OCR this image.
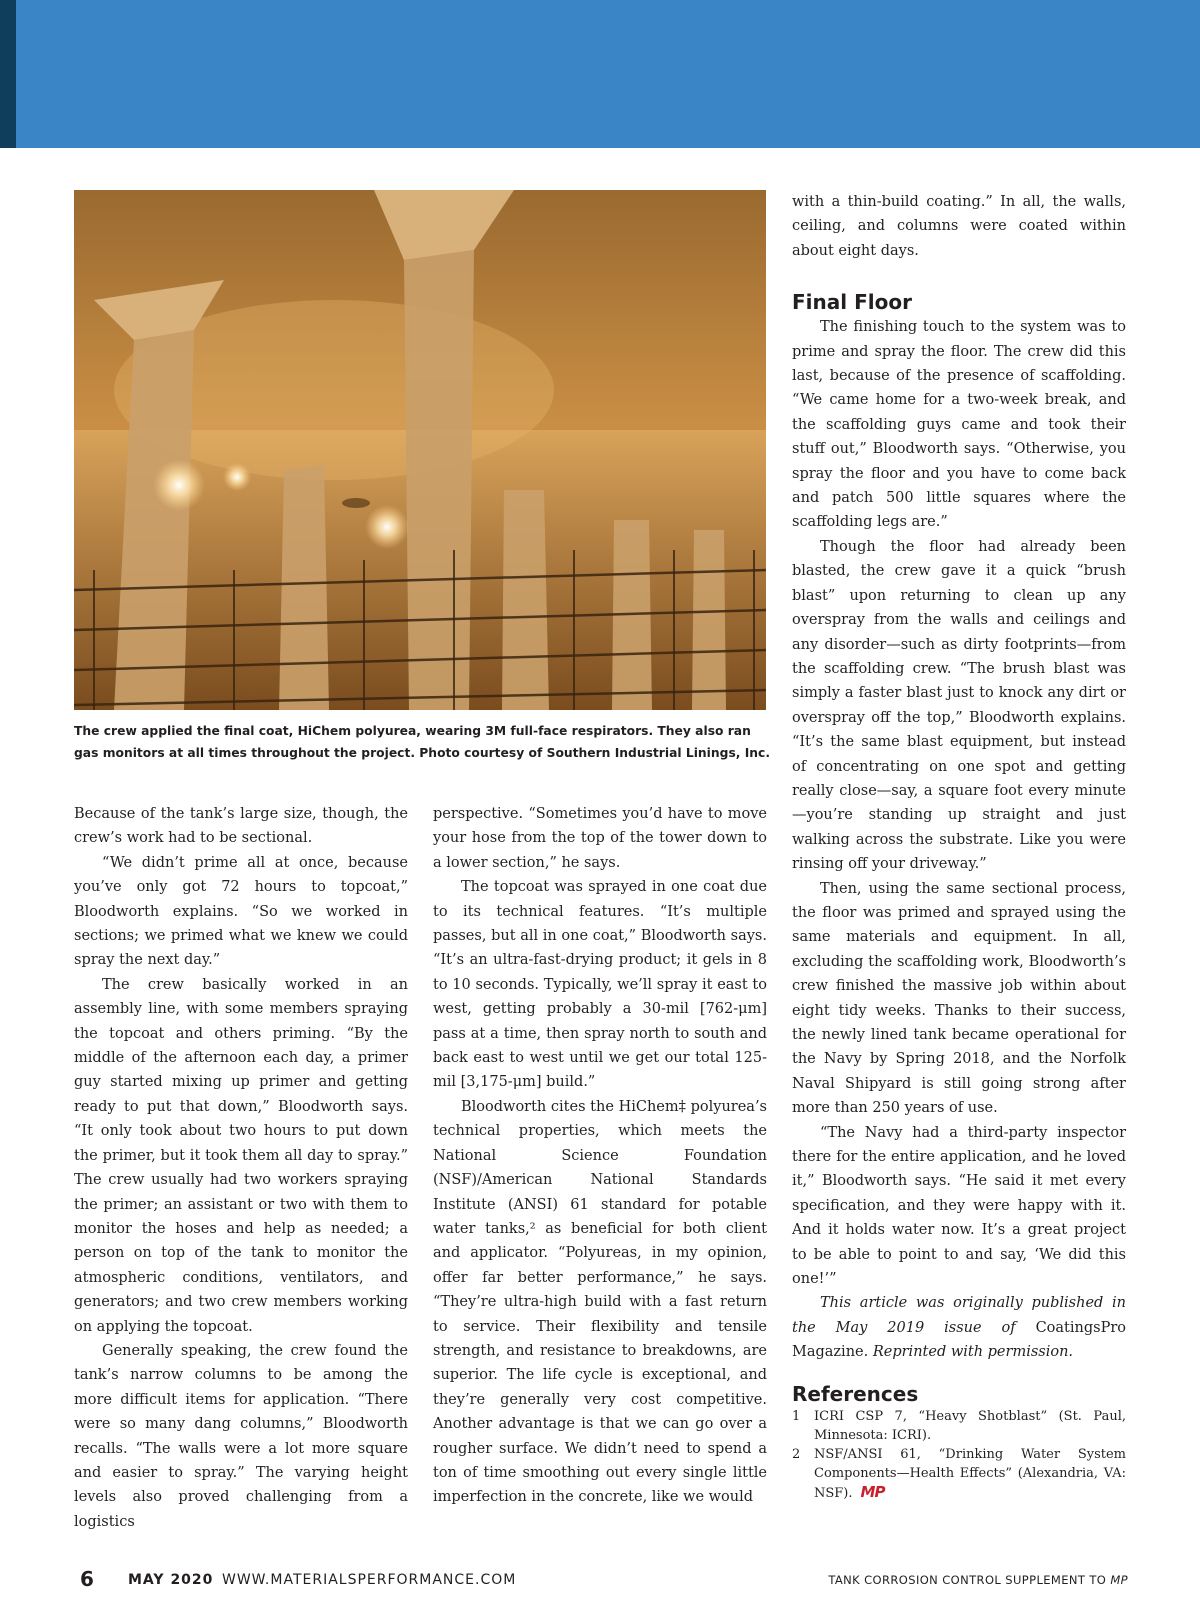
The crew applied the final coat, HiChem polyurea, wearing 3M full-face respirators. They also ran gas monitors at all times throughout the project. Photo courtesy of Southern Industrial Linings, Inc.

Because of the tank’s large size, though, the crew’s work had to be sectional.

“We didn’t prime all at once, because you’ve only got 72 hours to topcoat,” Bloodworth explains. “So we worked in sections; we primed what we knew we could spray the next day.”

The crew basically worked in an assembly line, with some members spraying the topcoat and others priming. “By the middle of the afternoon each day, a primer guy started mixing up primer and getting ready to put that down,” Bloodworth says. “It only took about two hours to put down the primer, but it took them all day to spray.” The crew usually had two workers spraying the primer; an assistant or two with them to monitor the hoses and help as needed; a person on top of the tank to monitor the atmospheric conditions, ventilators, and generators; and two crew members working on applying the topcoat.

Generally speaking, the crew found the tank’s narrow columns to be among the more difficult items for application. “There were so many dang columns,” Bloodworth recalls. “The walls were a lot more square and easier to spray.” The varying height levels also proved challenging from a logistics

perspective. “Sometimes you’d have to move your hose from the top of the tower down to a lower section,” he says.

The topcoat was sprayed in one coat due to its technical features. “It’s multiple passes, but all in one coat,” Bloodworth says. “It’s an ultra-fast-drying product; it gels in 8 to 10 seconds. Typically, we’ll spray it east to west, getting probably a 30-mil [762-μm] pass at a time, then spray north to south and back east to west until we get our total 125-mil [3,175-μm] build.”

Bloodworth cites the HiChem‡ polyurea’s technical properties, which meets the National Science Foundation (NSF)/American National Standards Institute (ANSI) 61 standard for potable water tanks,² as beneficial for both client and applicator. “Polyureas, in my opinion, offer far better performance,” he says. “They’re ultra-high build with a fast return to service. Their flexibility and tensile strength, and resistance to breakdowns, are superior. The life cycle is exceptional, and they’re generally very cost competitive. Another advantage is that we can go over a rougher surface. We didn’t need to spend a ton of time smoothing out every single little imperfection in the concrete, like we would

with a thin-build coating.” In all, the walls, ceiling, and columns were coated within about eight days.

Final Floor

The finishing touch to the system was to prime and spray the floor. The crew did this last, because of the presence of scaffolding. “We came home for a two-week break, and the scaffolding guys came and took their stuff out,” Bloodworth says. “Otherwise, you spray the floor and you have to come back and patch 500 little squares where the scaffolding legs are.”

Though the floor had already been blasted, the crew gave it a quick “brush blast” upon returning to clean up any overspray from the walls and ceilings and any disorder—such as dirty footprints—from the scaffolding crew. “The brush blast was simply a faster blast just to knock any dirt or overspray off the top,” Bloodworth explains. “It’s the same blast equipment, but instead of concentrating on one spot and getting really close—say, a square foot every minute—you’re standing up straight and just walking across the substrate. Like you were rinsing off your driveway.”

Then, using the same sectional process, the floor was primed and sprayed using the same materials and equipment. In all, excluding the scaffolding work, Bloodworth’s crew finished the massive job within about eight tidy weeks. Thanks to their success, the newly lined tank became operational for the Navy by Spring 2018, and the Norfolk Naval Shipyard is still going strong after more than 250 years of use.

“The Navy had a third-party inspector there for the entire application, and he loved it,” Bloodworth says. “He said it met every specification, and they were happy with it. And it holds water now. It’s a great project to be able to point to and say, ‘We did this one!’”

This article was originally published in the May 2019 issue of CoatingsPro Magazine. Reprinted with permission.

References
1	ICRI CSP 7, “Heavy Shotblast” (St. Paul, Minnesota: ICRI).
2	NSF/ANSI 61, “Drinking Water System Components—Health Effects” (Alexandria, VA: NSF). MP
6 MAY 2020 WWW.MATERIALSPERFORMANCE.COM	TANK CORROSION CONTROL SUPPLEMENT TO MP
